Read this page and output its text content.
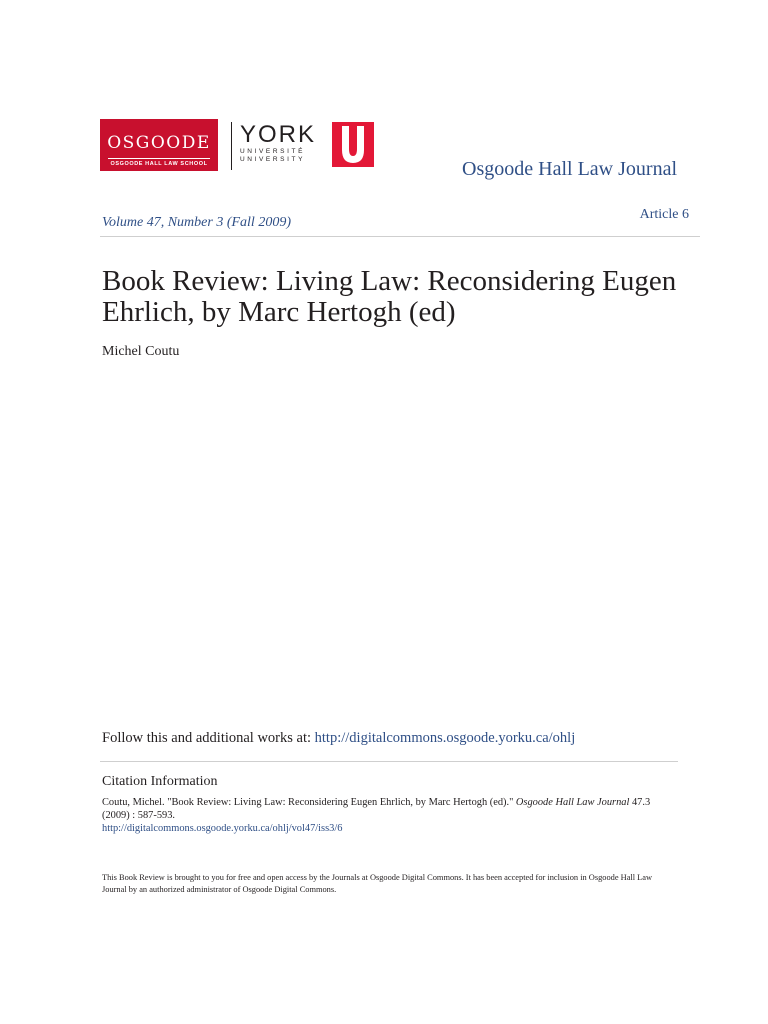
OSGOODE
OSGOODE HALL LAW SCHOOL
YORK
UNIVERSITÉ
UNIVERSITY	Osgoode Hall Law Journal
Article 6
Volume 47, Number 3 (Fall 2009)
Book Review: Living Law: Reconsidering Eugen Ehrlich, by Marc Hertogh (ed)
Michel Coutu
Follow this and additional works at: http://digitalcommons.osgoode.yorku.ca/ohlj
Citation Information
Coutu, Michel. "Book Review: Living Law: Reconsidering Eugen Ehrlich, by Marc Hertogh (ed)." Osgoode Hall Law Journal 47.3 (2009) : 587-593.
http://digitalcommons.osgoode.yorku.ca/ohlj/vol47/iss3/6
This Book Review is brought to you for free and open access by the Journals at Osgoode Digital Commons. It has been accepted for inclusion in Osgoode Hall Law Journal by an authorized administrator of Osgoode Digital Commons.
